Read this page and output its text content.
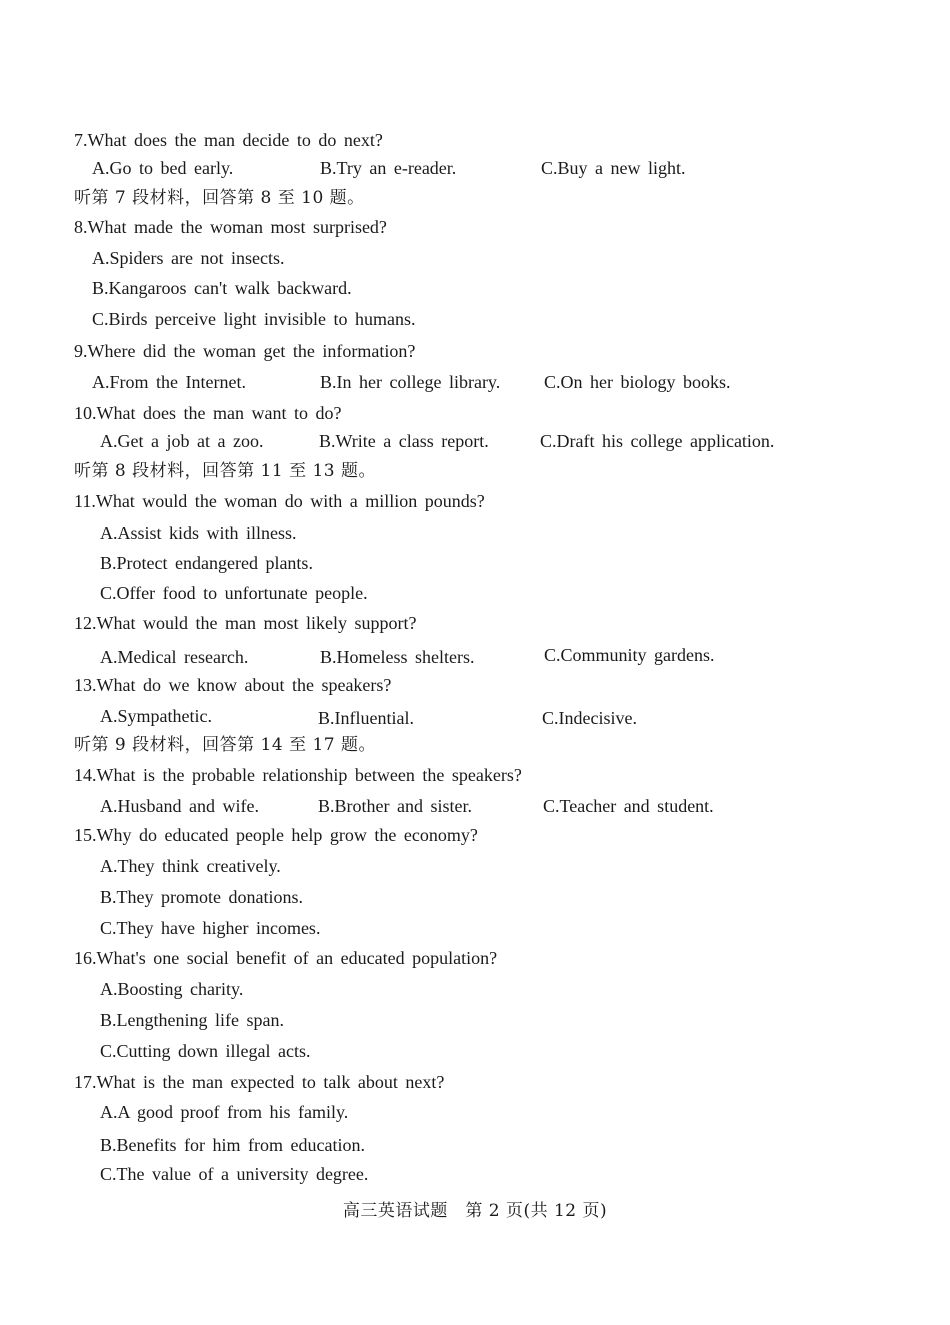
7.What does the man decide to do next?
A.Go to bed early.	B.Try an e-reader.	C.Buy a new light.
听第 7 段材料，回答第 8 至 10 题。
8.What made the woman most surprised?
A.Spiders are not insects.
B.Kangaroos can't walk backward.
C.Birds perceive light invisible to humans.
9.Where did the woman get the information?
A.From the Internet.	B.In her college library. C.On her biology books.
10.What does the man want to do?
A.Get a job at a zoo.	B.Write a class report.	C.Draft his college application.
听第 8 段材料，回答第 11 至 13 题。
11.What would the woman do with a million pounds?
A.Assist kids with illness.
B.Protect endangered plants.
C.Offer food to unfortunate people.
12.What would the man most likely support?
A.Medical research.	B.Homeless shelters.	C.Community gardens.
13.What do we know about the speakers?
A.Sympathetic.	B.Influential.	C.Indecisive.
听第 9 段材料，回答第 14 至 17 题。
14.What is the probable relationship between the speakers?
A.Husband and wife.	B.Brother and sister.	C.Teacher and student.
15.Why do educated people help grow the economy?
A.They think creatively.
B.They promote donations.
C.They have higher incomes.
16.What's one social benefit of an educated population?
A.Boosting charity.
B.Lengthening life span.
C.Cutting down illegal acts.
17.What is the man expected to talk about next?
A.A good proof from his family.
B.Benefits for him from education.
C.The value of a university degree.
高三英语试题　第 2 页(共 12 页)
